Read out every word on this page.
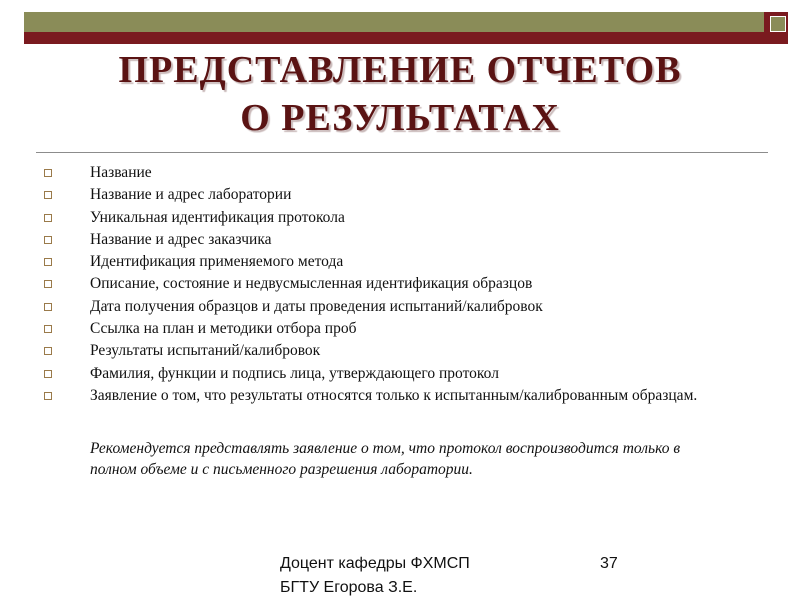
ПРЕДСТАВЛЕНИЕ ОТЧЕТОВ
О РЕЗУЛЬТАТАХ
Название
Название и адрес лаборатории
Уникальная идентификация протокола
Название и адрес заказчика
Идентификация применяемого метода
Описание, состояние и недвусмысленная идентификация образцов
Дата получения образцов и даты проведения испытаний/калибровок
Ссылка на план и методики отбора проб
Результаты испытаний/калибровок
Фамилия, функции и подпись лица, утверждающего протокол
Заявление о том, что результаты относятся только к испытанным/калиброванным образцам.
Рекомендуется представлять заявление о том, что протокол воспроизводится только в полном объеме и с письменного разрешения лаборатории.
Доцент кафедры ФХМСП
БГТУ Егорова З.Е.
37
